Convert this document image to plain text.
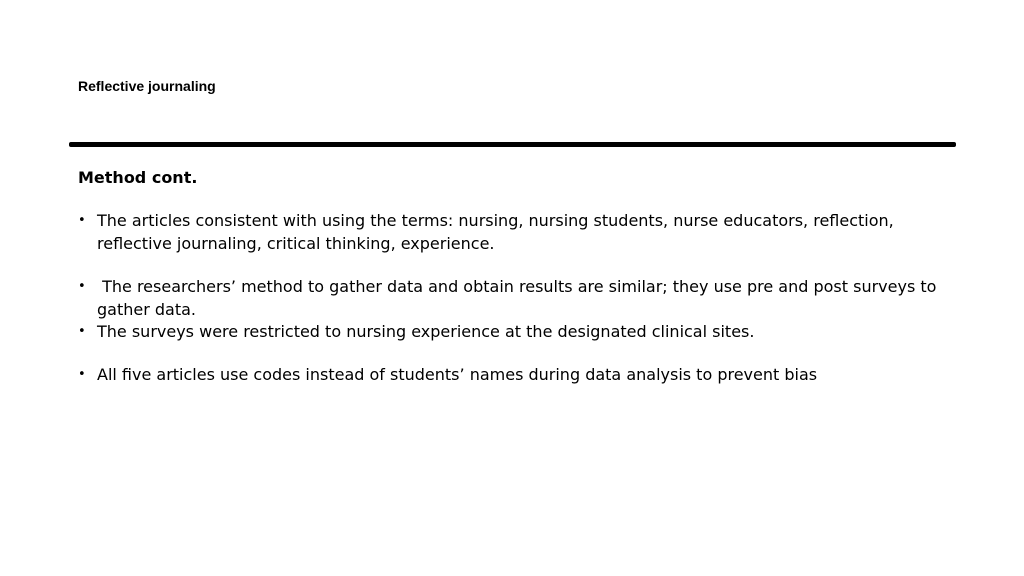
Reflective journaling
Method cont.
• The articles consistent with using the terms: nursing, nursing students, nurse educators, reflection, reflective journaling, critical thinking, experience.
• The researchers’ method to gather data and obtain results are similar; they use pre and post surveys to gather data.
• The surveys were restricted to nursing experience at the designated clinical sites.
• All five articles use codes instead of students’ names during data analysis to prevent bias
